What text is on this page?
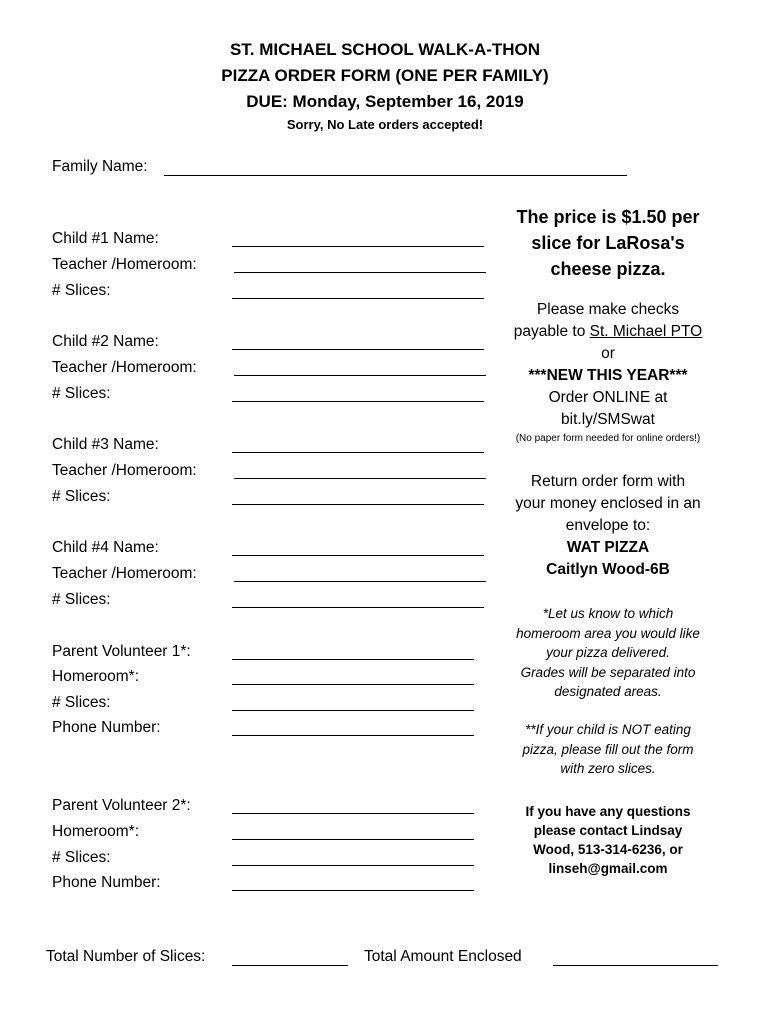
ST. MICHAEL SCHOOL WALK-A-THON
PIZZA ORDER FORM (ONE PER FAMILY)
DUE: Monday, September 16, 2019
Sorry, No Late orders accepted!
Family Name:
Child #1 Name:
Teacher /Homeroom:
# Slices:
Child #2 Name:
Teacher /Homeroom:
# Slices:
Child #3 Name:
Teacher /Homeroom:
# Slices:
Child #4 Name:
Teacher /Homeroom:
# Slices:
Parent Volunteer 1*:
Homeroom*:
# Slices:
Phone Number:
Parent Volunteer 2*:
Homeroom*:
# Slices:
Phone Number:
The price is $1.50 per
slice for LaRosa's
cheese pizza.
Please make checks
payable to St. Michael PTO
or
***NEW THIS YEAR***
Order ONLINE at
bit.ly/SMSwat
(No paper form needed for online orders!)
Return order form with
your money enclosed in an
envelope to:
WAT PIZZA
Caitlyn Wood-6B
*Let us know to which
homeroom area you would like
your pizza delivered.
Grades will be separated into
designated areas.
**If your child is NOT eating
pizza, please fill out the form
with zero slices.
If you have any questions
please contact Lindsay
Wood, 513-314-6236, or
linseh@gmail.com
Total Number of Slices:	Total Amount Enclosed
